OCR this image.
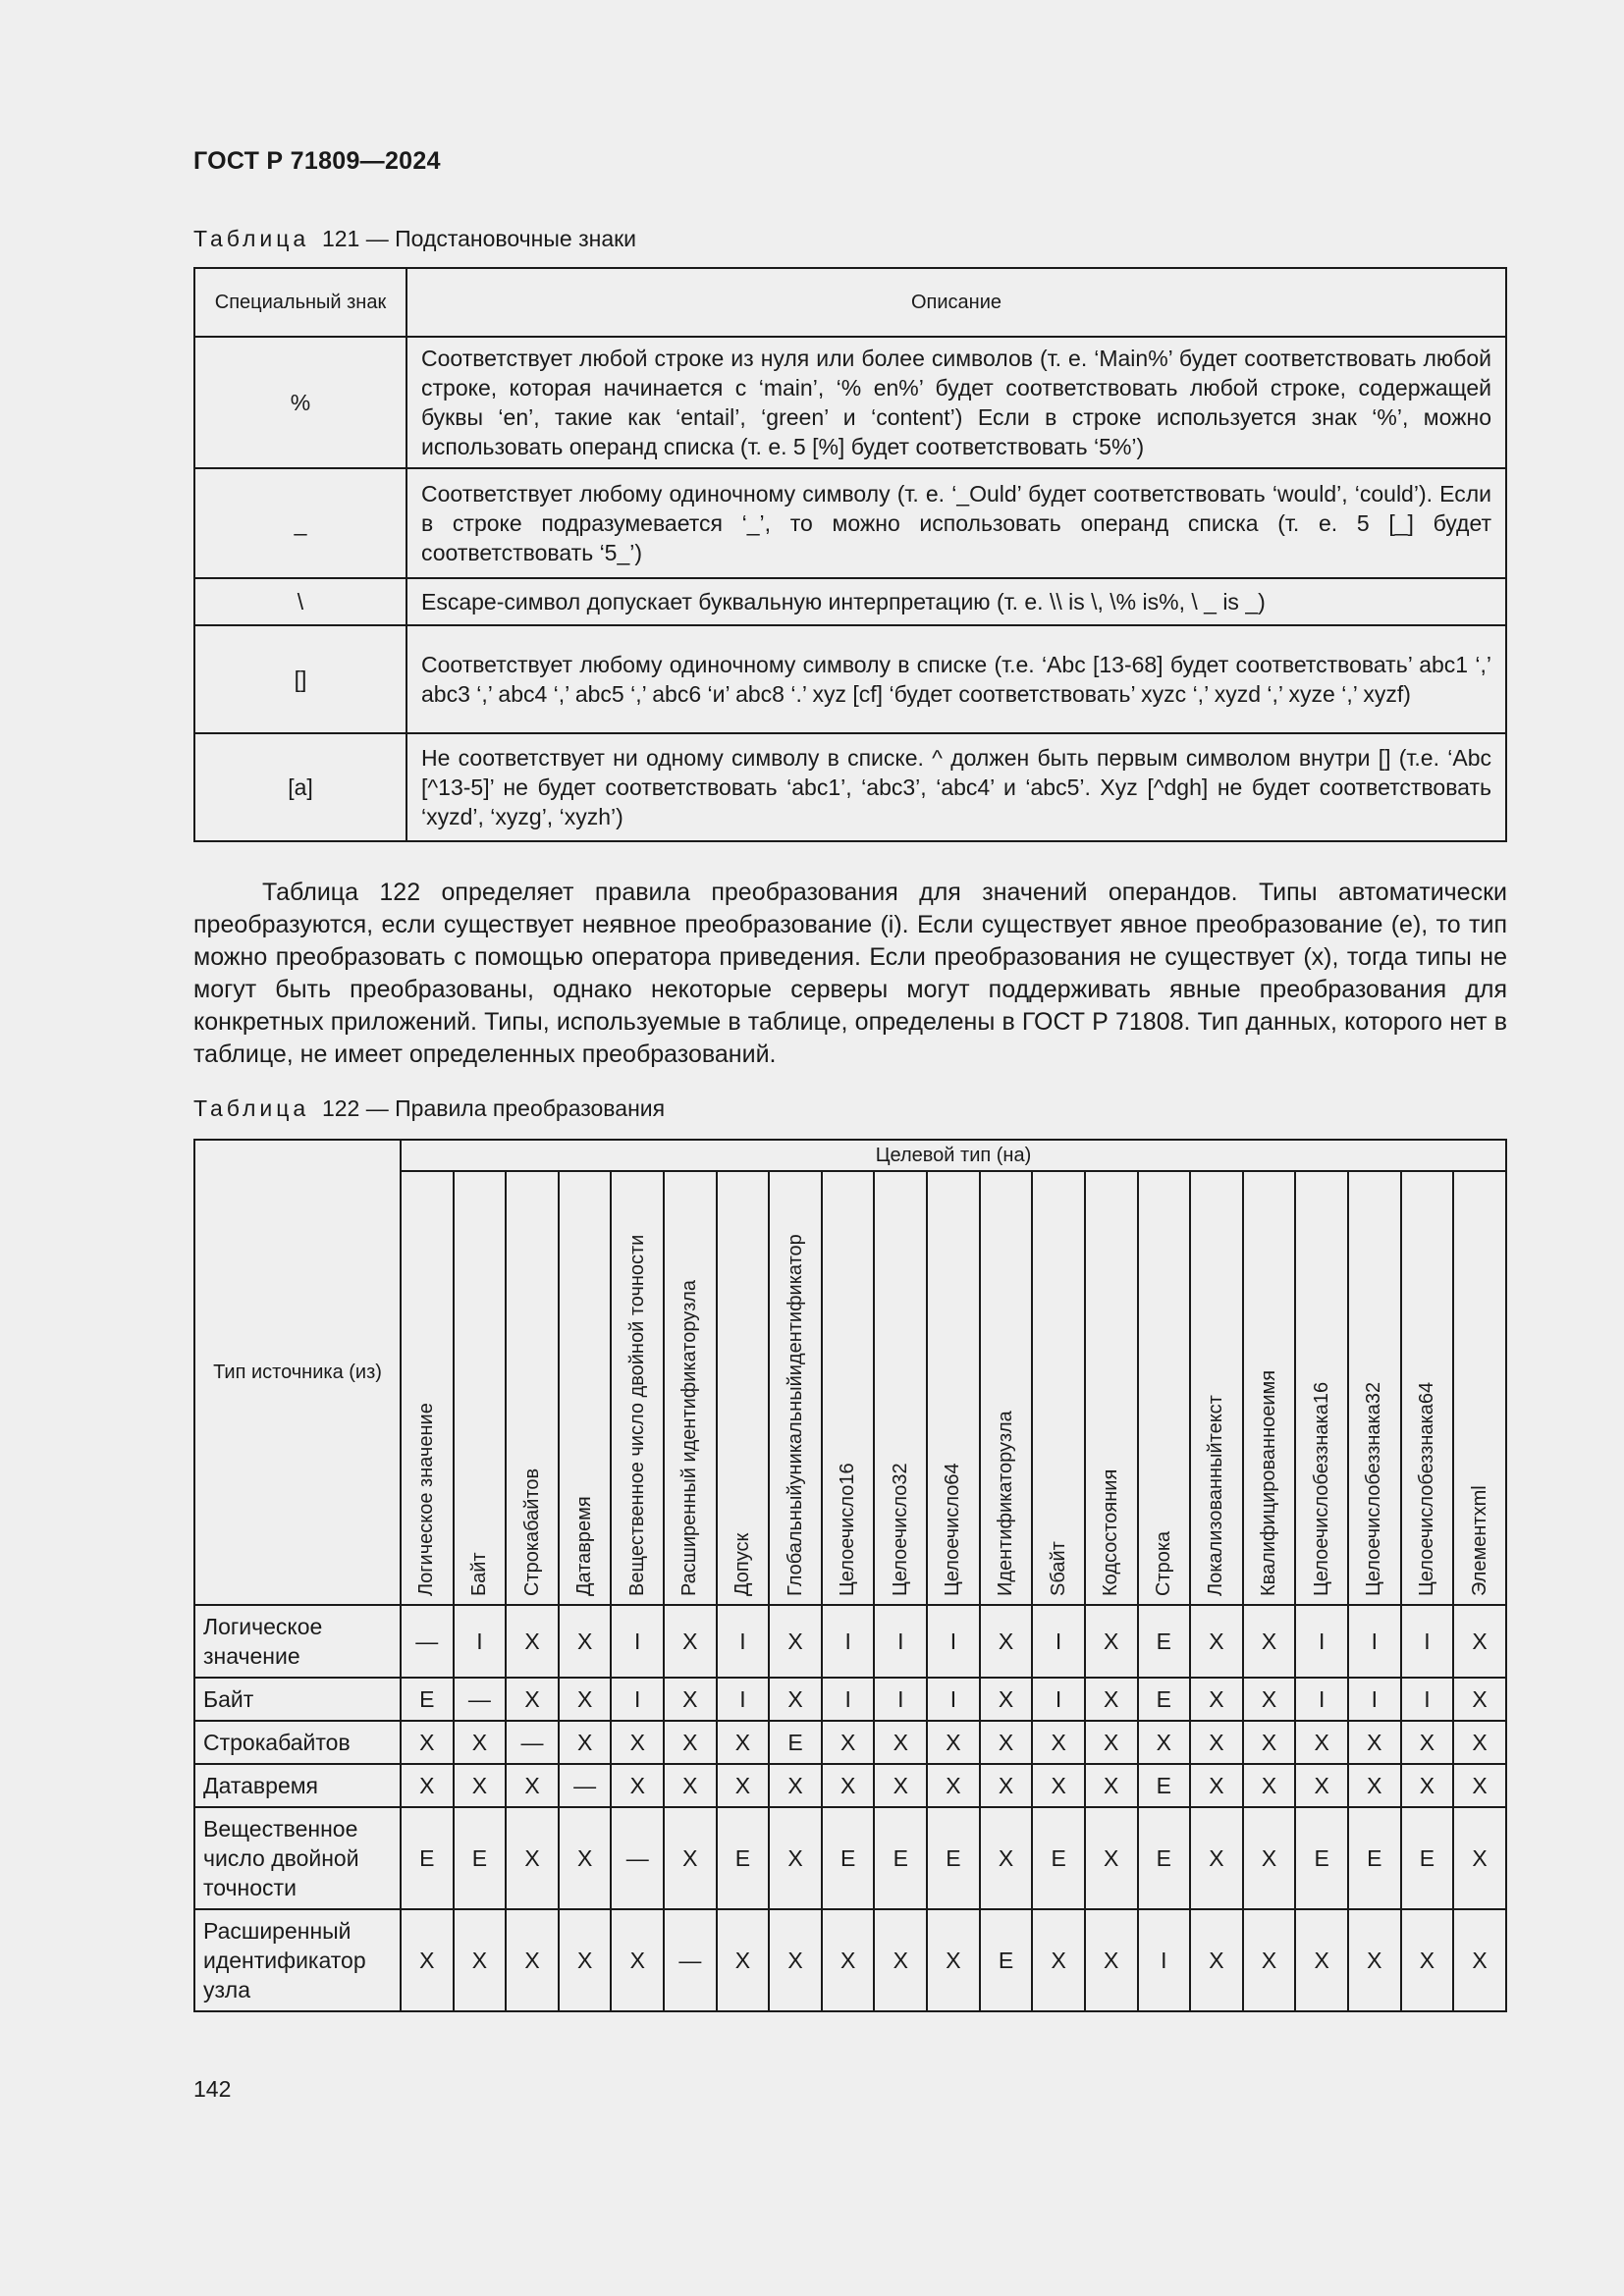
ГОСТ Р 71809—2024
Таблица 121 — Подстановочные знаки
Специальный знак	Описание
%	Соответствует любой строке из нуля или более символов (т. е. ‘Main%’ будет соответствовать любой строке, которая начинается с ‘main’, ‘% en%’ будет соответствовать любой строке, содержащей буквы ‘en’, такие как ‘entail’, ‘green’ и ‘content’) Если в строке используется знак ‘%’, можно использовать операнд списка (т. е. 5 [%] будет соответствовать ‘5%’)
_	Соответствует любому одиночному символу (т. е. ‘_Ould’ будет соответствовать ‘would’, ‘could’). Если в строке подразумевается ‘_’, то можно использовать операнд списка (т. е. 5 [_] будет соответствовать ‘5_’)
\	Escape-символ допускает буквальную интерпретацию (т. е. \\ is \, \% is%, \ _ is _)
[]	Соответствует любому одиночному символу в списке (т.е. ‘Abc [13-68] будет соответствовать’ abc1 ‘,’ abc3 ‘,’ abc4 ‘,’ abc5 ‘,’ abc6 ‘и’ abc8 ‘.’ xyz [cf] ‘будет соответствовать’ xyzc ‘,’ xyzd ‘,’ xyze ‘,’ xyzf)
[a]	Не соответствует ни одному символу в списке. ^ должен быть первым символом внутри [] (т.е. ‘Abc [^13-5]’ не будет соответствовать ‘abc1’, ‘abc3’, ‘abc4’ и ‘abc5’. Xyz [^dgh] не будет соответствовать ‘xyzd’, ‘xyzg’, ‘xyzh’)
Таблица 122 определяет правила преобразования для значений операндов. Типы автоматически преобразуются, если существует неявное преобразование (i). Если существует явное преобразование (е), то тип можно преобразовать с помощью оператора приведения. Если преобразования не существует (х), тогда типы не могут быть преобразованы, однако некоторые серверы могут поддерживать явные преобразования для конкретных приложений. Типы, используемые в таблице, определены в ГОСТ Р 71808. Тип данных, которого нет в таблице, не имеет определенных преобразований.
Таблица 122 — Правила преобразования
Тип источника (из)	Целевой тип (на)																				

	Логическое значение	Байт	Строкабайтов	Датавремя	Вещественное число двойной точности	Расширенный идентификаторузла	Допуск	Глобальныйуникальныйидентификатор	Целоечисло16	Целоечисло32	Целоечисло64	Идентификаторузла	Sбайт	Кодсостояния	Строка	Локализованныйтекст	Квалифицированноеимя	Целоечислобеззнака16	Целоечислобеззнака32	Целоечислобеззнака64	Элементxml

Логическое значение	—	I	X	X	I	X	I	X	I	I	I	X	I	X	E	X	X	I	I	I	X
Байт	E	—	X	X	I	X	I	X	I	I	I	X	I	X	E	X	X	I	I	I	X
Строкабайтов	X	X	—	X	X	X	X	E	X	X	X	X	X	X	X	X	X	X	X	X	X
Датавремя	X	X	X	—	X	X	X	X	X	X	X	X	X	X	E	X	X	X	X	X	X
Вещественное число двойной точности	E	E	X	X	—	X	E	X	E	E	E	X	E	X	E	X	X	E	E	E	X
Расширенный идентификатор узла	X	X	X	X	X	—	X	X	X	X	X	E	X	X	I	X	X	X	X	X	X
142
